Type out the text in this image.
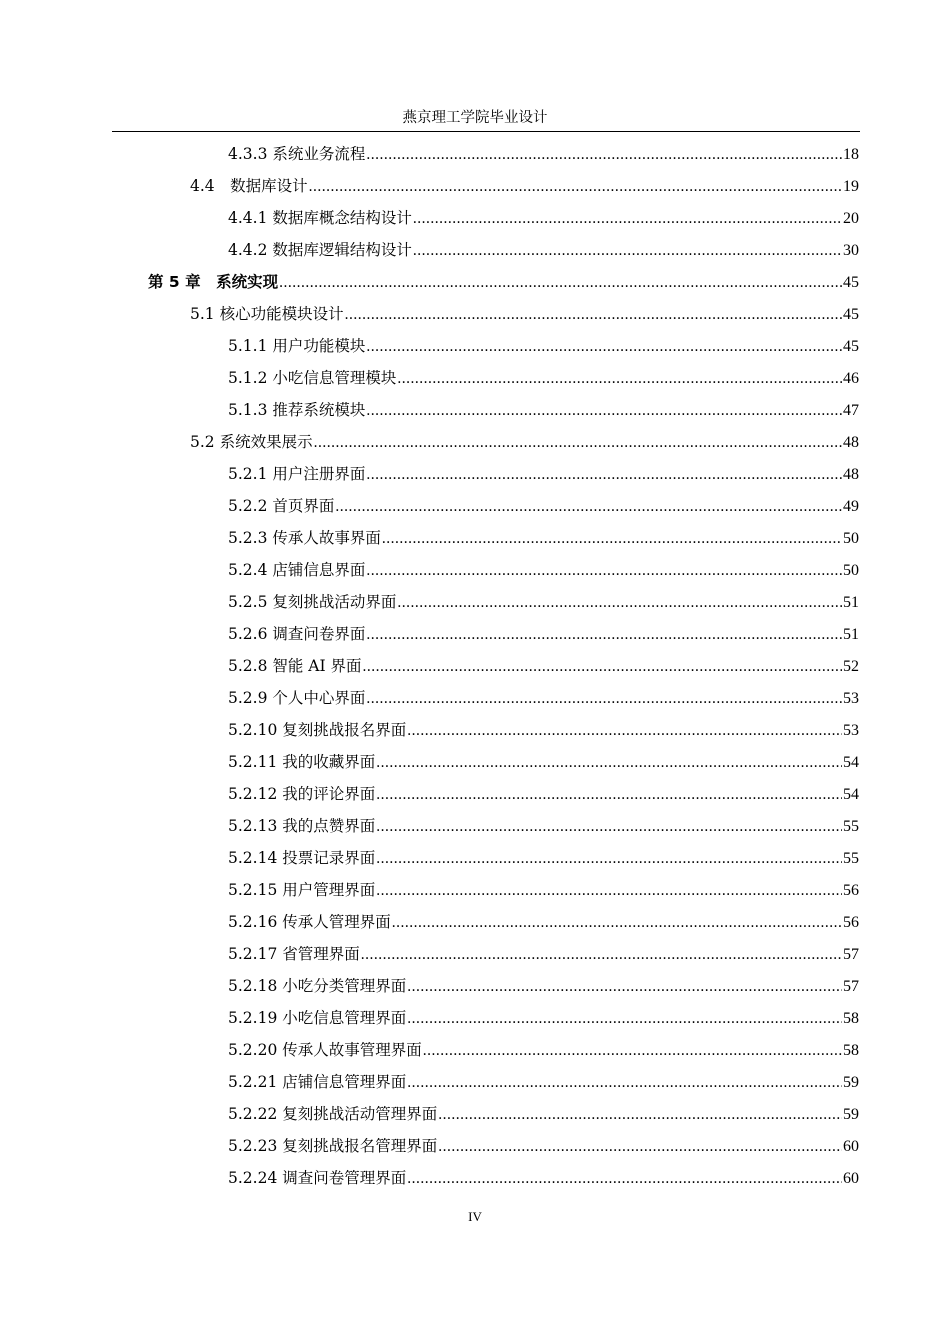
燕京理工学院毕业设计
4.3.3 系统业务流程 .....	18
4.4　数据库设计 .....	19
4.4.1 数据库概念结构设计 .....	20
4.4.2 数据库逻辑结构设计 .....	30
第 5 章　系统实现 .....	45
5.1 核心功能模块设计 .....	45
5.1.1 用户功能模块 .....	45
5.1.2 小吃信息管理模块 .....	46
5.1.3 推荐系统模块 .....	47
5.2 系统效果展示 .....	48
5.2.1 用户注册界面 .....	48
5.2.2 首页界面 .....	49
5.2.3 传承人故事界面 .....	50
5.2.4 店铺信息界面 .....	50
5.2.5 复刻挑战活动界面 .....	51
5.2.6 调查问卷界面 .....	51
5.2.8 智能 AI 界面 .....	52
5.2.9 个人中心界面 .....	53
5.2.10 复刻挑战报名界面 .....	53
5.2.11 我的收藏界面 .....	54
5.2.12 我的评论界面 .....	54
5.2.13 我的点赞界面 .....	55
5.2.14 投票记录界面 .....	55
5.2.15 用户管理界面 .....	56
5.2.16 传承人管理界面 .....	56
5.2.17 省管理界面 .....	57
5.2.18 小吃分类管理界面 .....	57
5.2.19 小吃信息管理界面 .....	58
5.2.20 传承人故事管理界面 .....	58
5.2.21 店铺信息管理界面 .....	59
5.2.22 复刻挑战活动管理界面 .....	59
5.2.23 复刻挑战报名管理界面 .....	60
5.2.24 调查问卷管理界面 .....	60
IV
